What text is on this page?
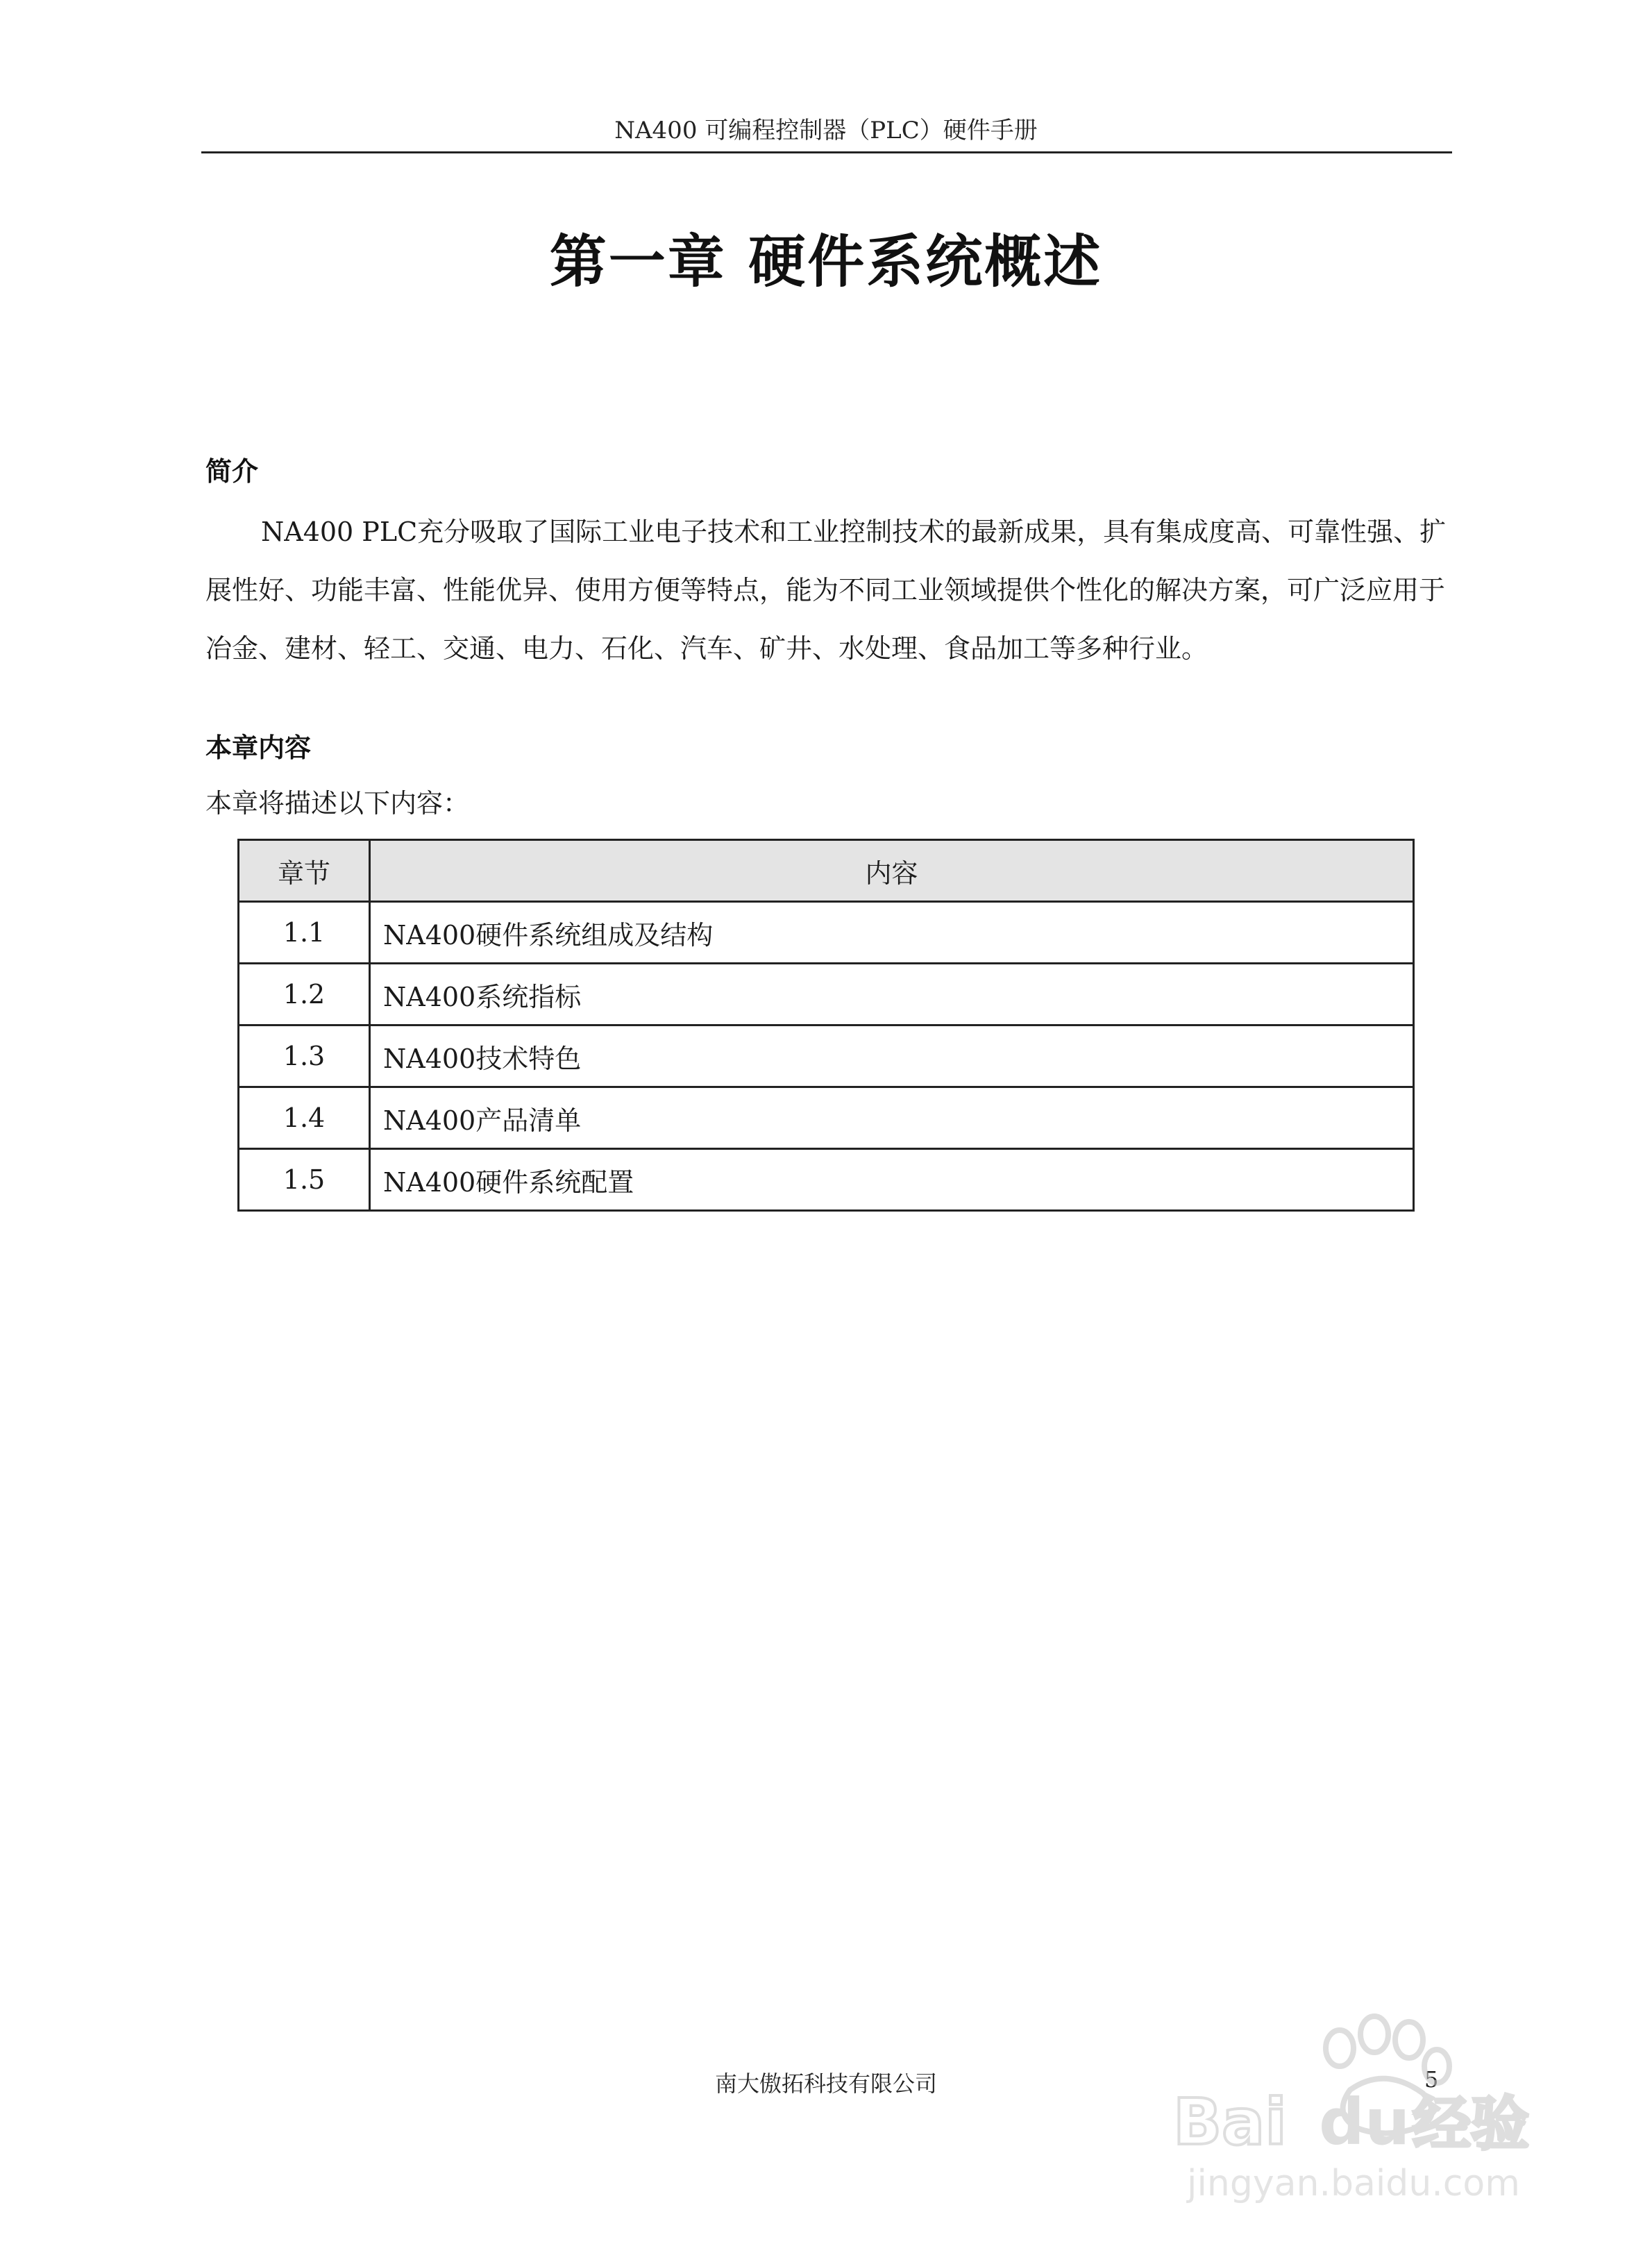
NA400 可编程控制器（PLC）硬件手册
第一章 硬件系统概述
简介
NA400 PLC充分吸取了国际工业电子技术和工业控制技术的最新成果，具有集成度高、可靠性强、扩展性好、功能丰富、性能优异、使用方便等特点，能为不同工业领域提供个性化的解决方案，可广泛应用于冶金、建材、轻工、交通、电力、石化、汽车、矿井、水处理、食品加工等多种行业。
本章内容
本章将描述以下内容：
章节	内容
1.1	NA400硬件系统组成及结构
1.2	NA400系统指标
1.3	NA400技术特色
1.4	NA400产品清单
1.5	NA400硬件系统配置
南大傲拓科技有限公司	5
Bai du 经验
jingyan.baidu.com
